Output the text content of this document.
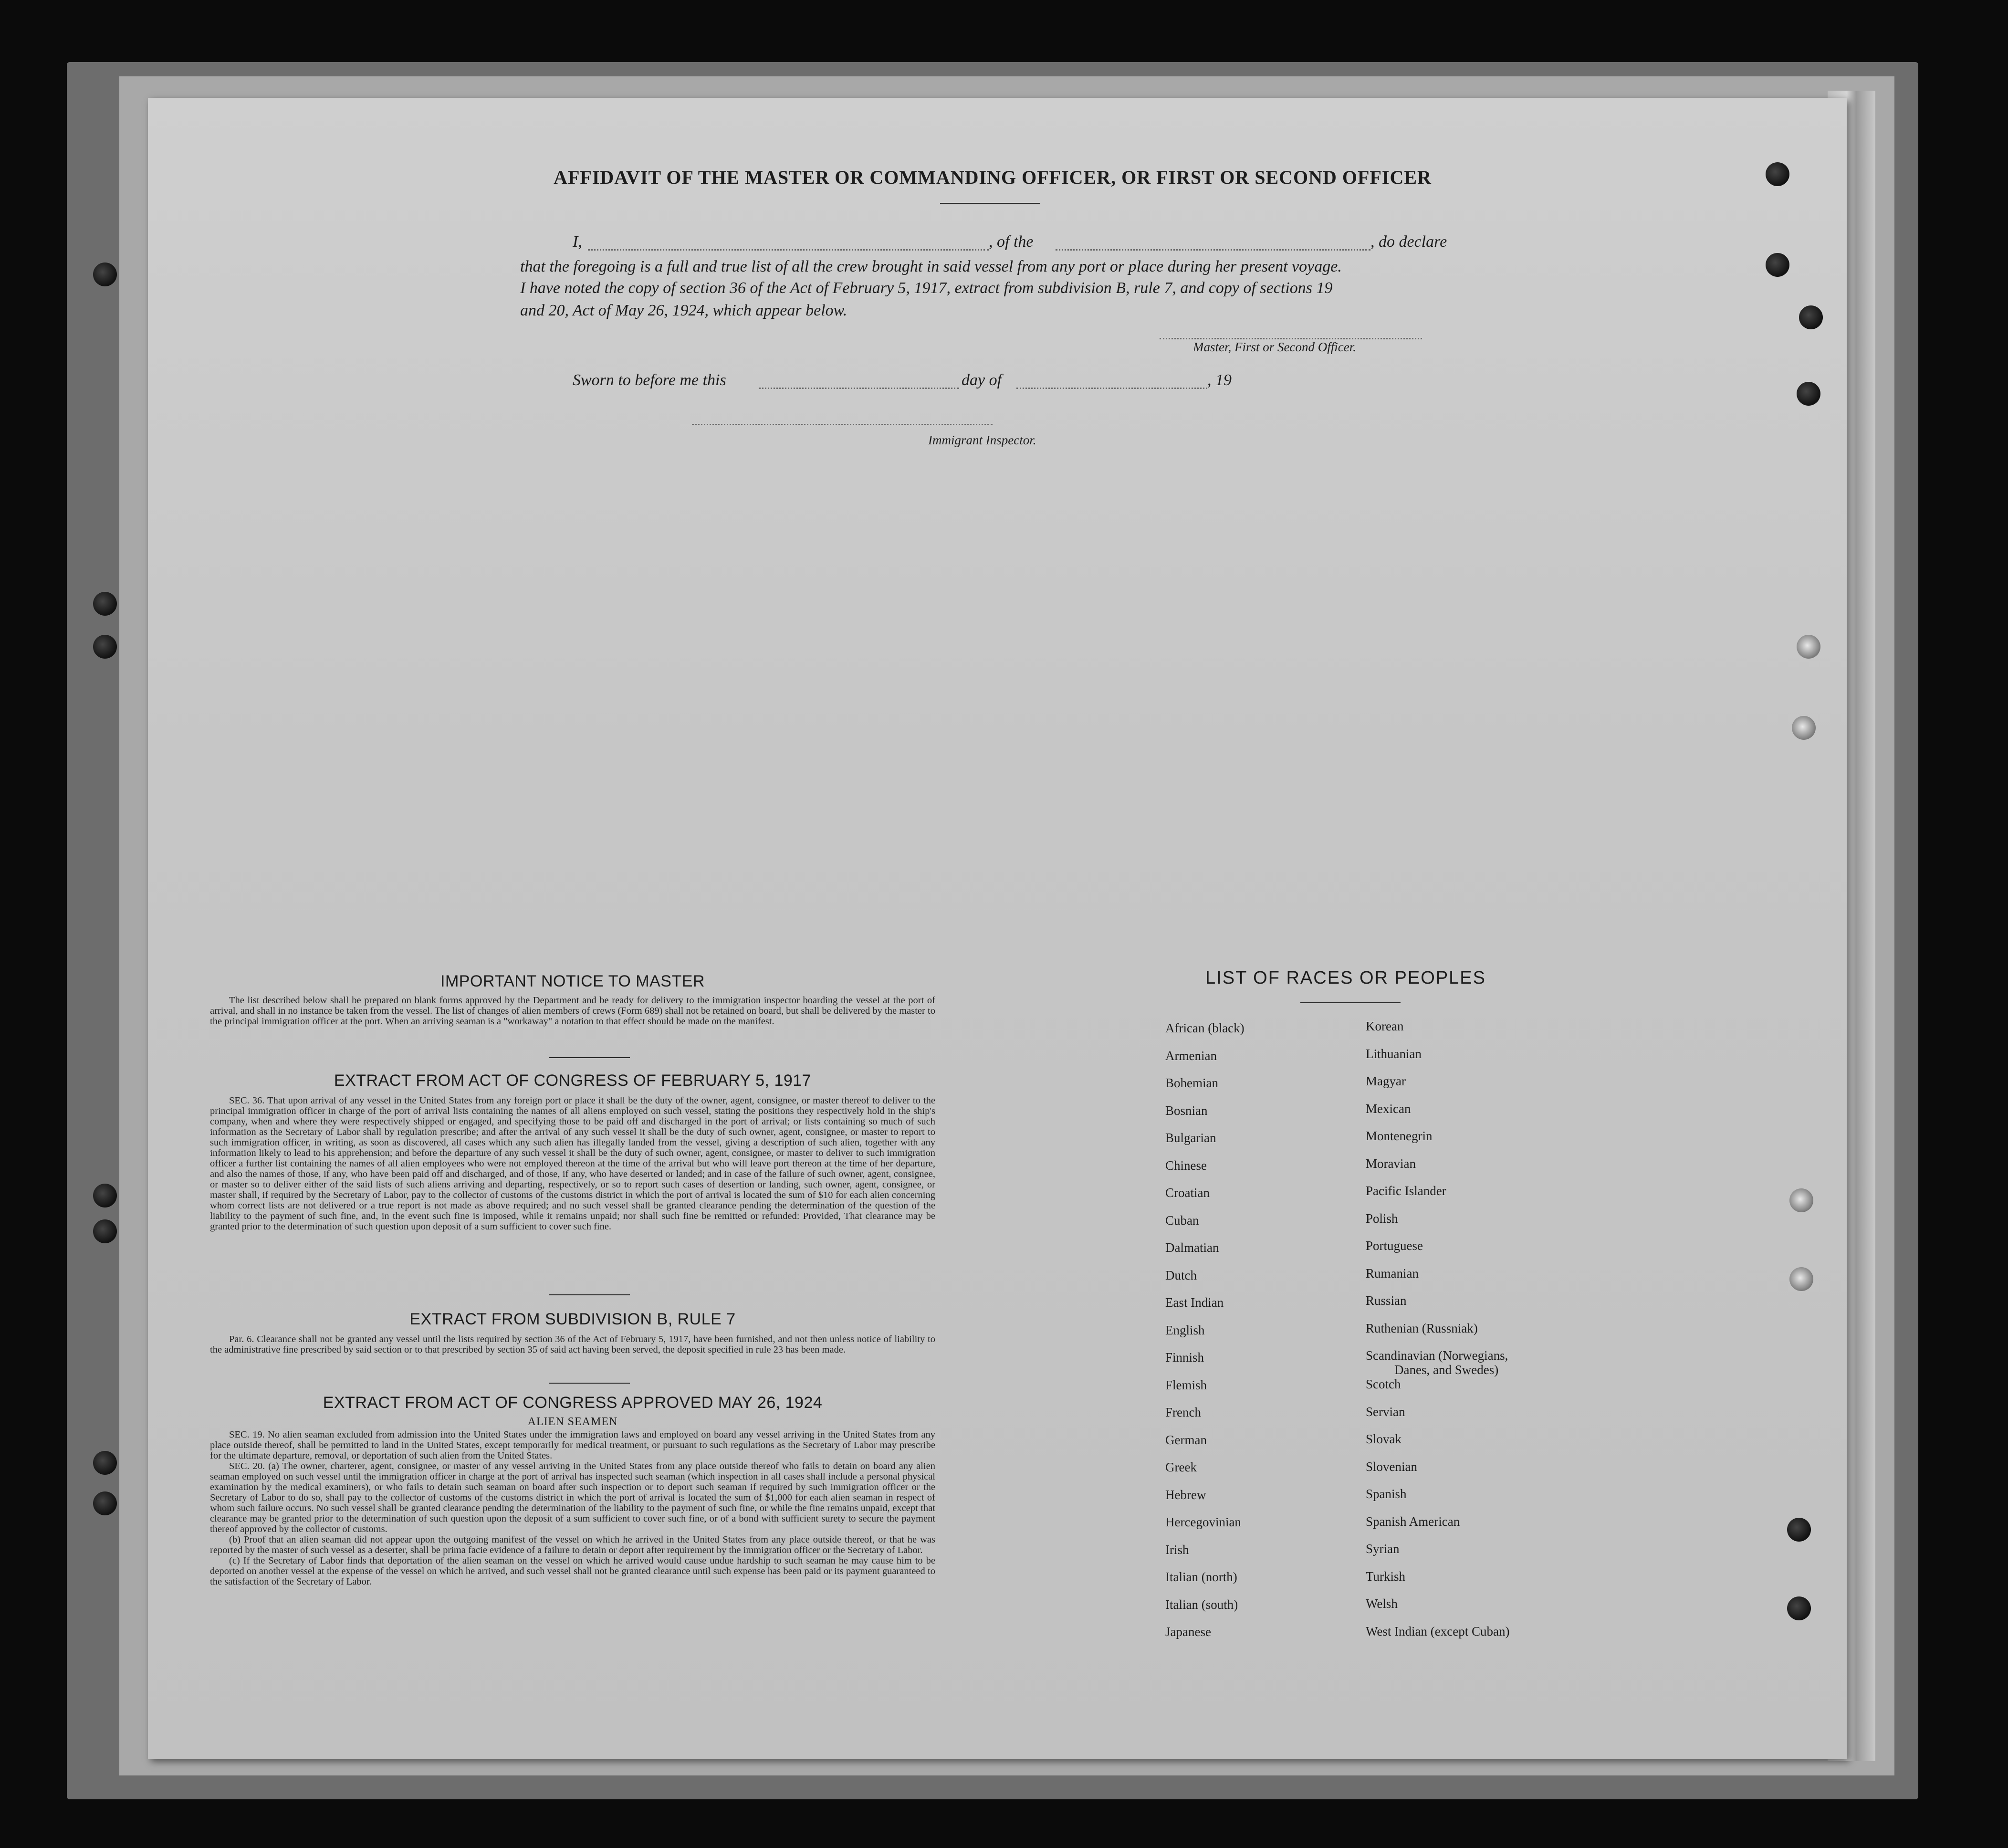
AFFIDAVIT OF THE MASTER OR COMMANDING OFFICER, OR FIRST OR SECOND OFFICER
I,	, of the	, do declare
that the foregoing is a full and true list of all the crew brought in said vessel from any port or place during her present voyage.
I have noted the copy of section 36 of the Act of February 5, 1917, extract from subdivision B, rule 7, and copy of sections 19
and 20, Act of May 26, 1924, which appear below.
Master, First or Second Officer.
Sworn to before me this	day of	, 19
Immigrant Inspector.
IMPORTANT NOTICE TO MASTER

The list described below shall be prepared on blank forms approved by the Department and be ready for delivery to the immigration inspector boarding the vessel at the port of arrival, and shall in no instance be taken from the vessel. The list of changes of alien members of crews (Form 689) shall not be retained on board, but shall be delivered by the master to the principal immigration officer at the port. When an arriving seaman is a "workaway" a notation to that effect should be made on the manifest.

EXTRACT FROM ACT OF CONGRESS OF FEBRUARY 5, 1917

SEC. 36. That upon arrival of any vessel in the United States from any foreign port or place it shall be the duty of the owner, agent, consignee, or master thereof to deliver to the principal immigration officer in charge of the port of arrival lists containing the names of all aliens employed on such vessel, stating the positions they respectively hold in the ship's company, when and where they were respectively shipped or engaged, and specifying those to be paid off and discharged in the port of arrival; or lists containing so much of such information as the Secretary of Labor shall by regulation prescribe; and after the arrival of any such vessel it shall be the duty of such owner, agent, consignee, or master to report to such immigration officer, in writing, as soon as discovered, all cases which any such alien has illegally landed from the vessel, giving a description of such alien, together with any information likely to lead to his apprehension; and before the departure of any such vessel it shall be the duty of such owner, agent, consignee, or master to deliver to such immigration officer a further list containing the names of all alien employees who were not employed thereon at the time of the arrival but who will leave port thereon at the time of her departure, and also the names of those, if any, who have been paid off and discharged, and of those, if any, who have deserted or landed; and in case of the failure of such owner, agent, consignee, or master so to deliver either of the said lists of such aliens arriving and departing, respectively, or so to report such cases of desertion or landing, such owner, agent, consignee, or master shall, if required by the Secretary of Labor, pay to the collector of customs of the customs district in which the port of arrival is located the sum of $10 for each alien concerning whom correct lists are not delivered or a true report is not made as above required; and no such vessel shall be granted clearance pending the determination of the question of the liability to the payment of such fine, and, in the event such fine is imposed, while it remains unpaid; nor shall such fine be remitted or refunded: Provided, That clearance may be granted prior to the determination of such question upon deposit of a sum sufficient to cover such fine.

EXTRACT FROM SUBDIVISION B, RULE 7

Par. 6. Clearance shall not be granted any vessel until the lists required by section 36 of the Act of February 5, 1917, have been furnished, and not then unless notice of liability to the administrative fine prescribed by said section or to that prescribed by section 35 of said act having been served, the deposit specified in rule 23 has been made.

EXTRACT FROM ACT OF CONGRESS APPROVED MAY 26, 1924
ALIEN SEAMEN

SEC. 19. No alien seaman excluded from admission into the United States under the immigration laws and employed on board any vessel arriving in the United States from any place outside thereof, shall be permitted to land in the United States, except temporarily for medical treatment, or pursuant to such regulations as the Secretary of Labor may prescribe for the ultimate departure, removal, or deportation of such alien from the United States.

SEC. 20. (a) The owner, charterer, agent, consignee, or master of any vessel arriving in the United States from any place outside thereof who fails to detain on board any alien seaman employed on such vessel until the immigration officer in charge at the port of arrival has inspected such seaman (which inspection in all cases shall include a personal physical examination by the medical examiners), or who fails to detain such seaman on board after such inspection or to deport such seaman if required by such immigration officer or the Secretary of Labor to do so, shall pay to the collector of customs of the customs district in which the port of arrival is located the sum of $1,000 for each alien seaman in respect of whom such failure occurs. No such vessel shall be granted clearance pending the determination of the liability to the payment of such fine, or while the fine remains unpaid, except that clearance may be granted prior to the determination of such question upon the deposit of a sum sufficient to cover such fine, or of a bond with sufficient surety to secure the payment thereof approved by the collector of customs.

(b) Proof that an alien seaman did not appear upon the outgoing manifest of the vessel on which he arrived in the United States from any place outside thereof, or that he was reported by the master of such vessel as a deserter, shall be prima facie evidence of a failure to detain or deport after requirement by the immigration officer or the Secretary of Labor.

(c) If the Secretary of Labor finds that deportation of the alien seaman on the vessel on which he arrived would cause undue hardship to such seaman he may cause him to be deported on another vessel at the expense of the vessel on which he arrived, and such vessel shall not be granted clearance until such expense has been paid or its payment guaranteed to the satisfaction of the Secretary of Labor.

LIST OF RACES OR PEOPLES
African (black)
Armenian
Bohemian
Bosnian
Bulgarian
Chinese
Croatian
Cuban
Dalmatian
Dutch
East Indian
English
Finnish
Flemish
French
German
Greek
Hebrew
Hercegovinian
Irish
Italian (north)
Italian (south)
Japanese
Korean
Lithuanian
Magyar
Mexican
Montenegrin
Moravian
Pacific Islander
Polish
Portuguese
Rumanian
Russian
Ruthenian (Russniak)
Scandinavian (Norwegians,
Danes, and Swedes)
Scotch
Servian
Slovak
Slovenian
Spanish
Spanish American
Syrian
Turkish
Welsh
West Indian (except Cuban)
